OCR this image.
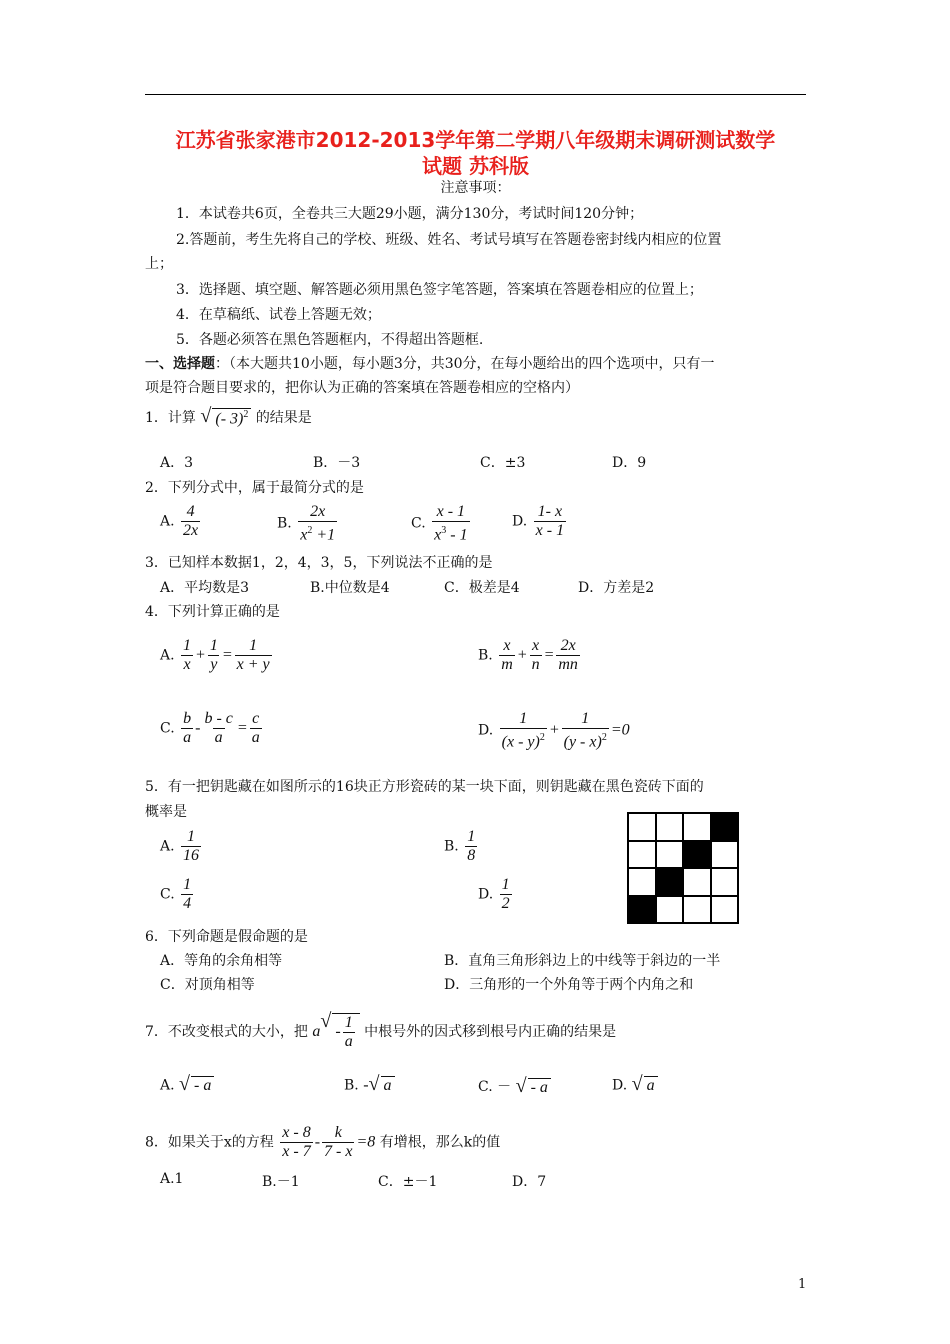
江苏省张家港市2012-2013学年第二学期八年级期末调研测试数学
试题 苏科版
注意事项：
1．本试卷共6页，全卷共三大题29小题，满分130分，考试时间120分钟；
2.答题前，考生先将自己的学校、班级、姓名、考试号填写在答题卷密封线内相应的位置
上；
3．选择题、填空题、解答题必须用黑色签字笔答题，答案填在答题卷相应的位置上；
4．在草稿纸、试卷上答题无效；
5．各题必须答在黑色答题框内，不得超出答题框.
一、选择题：（本大题共10小题，每小题3分，共30分，在每小题给出的四个选项中，只有一
项是符合题目要求的，把你认为正确的答案填在答题卷相应的空格内）
1．计算 √ (- 3)$^2$ 的结果是
A．3	B．－3	C．±3	D．9
2．下列分式中，属于最简分式的是
A. $\frac{4}{2x}$	B. $\frac{2x}{x^2 +1}$	C. $\frac{x - 1}{x^3 - 1}$	D. $\frac{1- x}{x - 1}$
3．已知样本数据1，2，4，3，5，下列说法不正确的是
A．平均数是3	B.中位数是4	C．极差是4	D．方差是2
4．下列计算正确的是
A. $\frac{1}{x} + \frac{1}{y} = \frac{1}{x + y}$	B. $\frac{x}{m} + \frac{x}{n} = \frac{2x}{mn}$
C. $\frac{b}{a} - \frac{b - c}{a} = \frac{c}{a}$	D. $\frac{1}{(x - y)^2} + \frac{1}{(y - x)^2} =0$
5．有一把钥匙藏在如图所示的16块正方形瓷砖的某一块下面，则钥匙藏在黑色瓷砖下面的
概率是
A. $\frac{1}{16}$	B. $\frac{1}{8}$
C. $\frac{1}{4}$	D. $\frac{1}{2}$
6．下列命题是假命题的是
A．等角的余角相等	B．直角三角形斜边上的中线等于斜边的一半
C．对顶角相等	D．三角形的一个外角等于两个内角之和
7．不改变根式的大小，把 a √ - $\frac{1}{a}$ 中根号外的因式移到根号内正确的结果是
A. √ - a	B. - √ a	C. － √ - a	D. √ a
8．如果关于x的方程 $\frac{x - 8}{x - 7} - \frac{k}{7 - x} =8$ 有增根，那么k的值
A.1	B.－1	C．±－1	D．7
1
